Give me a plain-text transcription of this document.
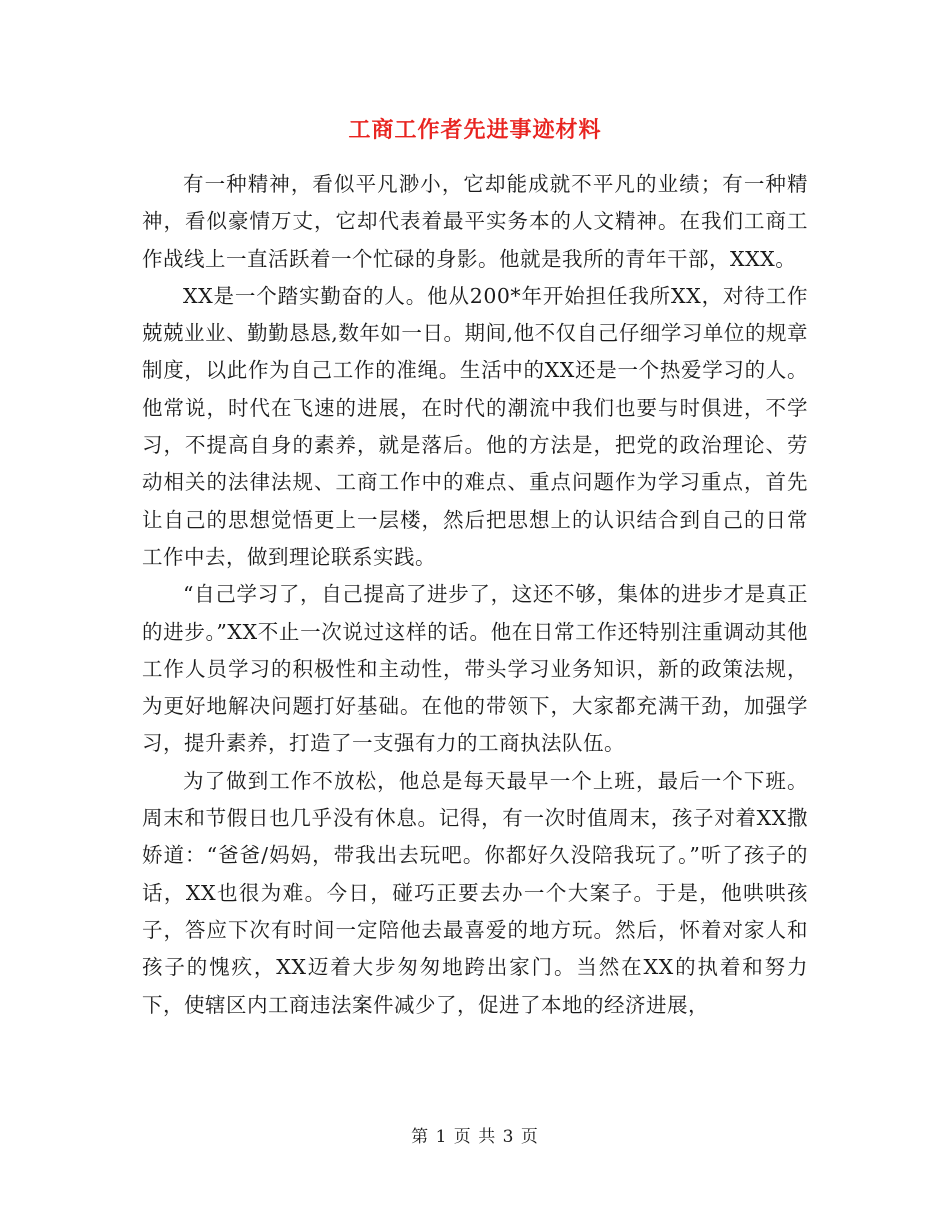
工商工作者先进事迹材料

有一种精神，看似平凡渺小，它却能成就不平凡的业绩；有一种精神，看似豪情万丈，它却代表着最平实务本的人文精神。在我们工商工作战线上一直活跃着一个忙碌的身影。他就是我所的青年干部，XXX。

XX是一个踏实勤奋的人。他从200*年开始担任我所XX，对待工作兢兢业业、勤勤恳恳,数年如一日。期间,他不仅自己仔细学习单位的规章制度，以此作为自己工作的准绳。生活中的XX还是一个热爱学习的人。他常说，时代在飞速的进展，在时代的潮流中我们也要与时俱进，不学习，不提高自身的素养，就是落后。他的方法是，把党的政治理论、劳动相关的法律法规、工商工作中的难点、重点问题作为学习重点，首先让自己的思想觉悟更上一层楼，然后把思想上的认识结合到自己的日常工作中去，做到理论联系实践。

“自己学习了，自己提高了进步了，这还不够，集体的进步才是真正的进步。”XX不止一次说过这样的话。他在日常工作还特别注重调动其他工作人员学习的积极性和主动性，带头学习业务知识，新的政策法规，为更好地解决问题打好基础。在他的带领下，大家都充满干劲，加强学习，提升素养，打造了一支强有力的工商执法队伍。

为了做到工作不放松，他总是每天最早一个上班，最后一个下班。周末和节假日也几乎没有休息。记得，有一次时值周末，孩子对着XX撒娇道：“爸爸/妈妈，带我出去玩吧。你都好久没陪我玩了。”听了孩子的话，XX也很为难。今日，碰巧正要去办一个大案子。于是，他哄哄孩子，答应下次有时间一定陪他去最喜爱的地方玩。然后，怀着对家人和孩子的愧疚，XX迈着大步匆匆地跨出家门。当然在XX的执着和努力下，使辖区内工商违法案件减少了，促进了本地的经济进展，

第 1 页 共 3 页
